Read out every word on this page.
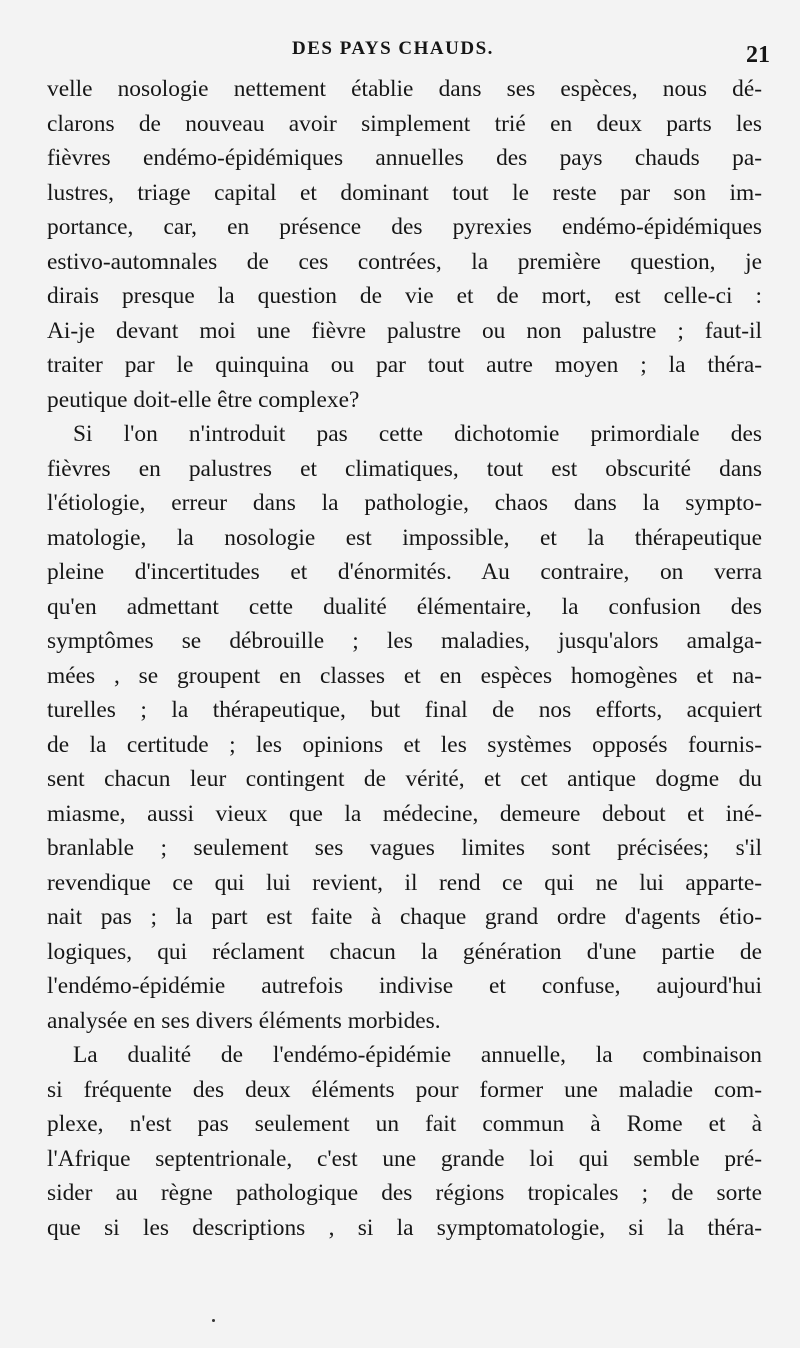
DES PAYS CHAUDS.	21
velle nosologie nettement établie dans ses espèces, nous dé-
clarons de nouveau avoir simplement trié en deux parts les
fièvres endémo-épidémiques annuelles des pays chauds pa-
lustres, triage capital et dominant tout le reste par son im-
portance, car, en présence des pyrexies endémo-épidémiques
estivo-automnales de ces contrées, la première question, je
dirais presque la question de vie et de mort, est celle-ci :
Ai-je devant moi une fièvre palustre ou non palustre ; faut-il
traiter par le quinquina ou par tout autre moyen ; la théra-
peutique doit-elle être complexe?
Si l'on n'introduit pas cette dichotomie primordiale des
fièvres en palustres et climatiques, tout est obscurité dans
l'étiologie, erreur dans la pathologie, chaos dans la sympto-
matologie, la nosologie est impossible, et la thérapeutique
pleine d'incertitudes et d'énormités. Au contraire, on verra
qu'en admettant cette dualité élémentaire, la confusion des
symptômes se débrouille ; les maladies, jusqu'alors amalga-
mées , se groupent en classes et en espèces homogènes et na-
turelles ; la thérapeutique, but final de nos efforts, acquiert
de la certitude ; les opinions et les systèmes opposés fournis-
sent chacun leur contingent de vérité, et cet antique dogme du
miasme, aussi vieux que la médecine, demeure debout et iné-
branlable ; seulement ses vagues limites sont précisées; s'il
revendique ce qui lui revient, il rend ce qui ne lui apparte-
nait pas ; la part est faite à chaque grand ordre d'agents étio-
logiques, qui réclament chacun la génération d'une partie de
l'endémo-épidémie autrefois indivise et confuse, aujourd'hui
analysée en ses divers éléments morbides.
La dualité de l'endémo-épidémie annuelle, la combinaison
si fréquente des deux éléments pour former une maladie com-
plexe, n'est pas seulement un fait commun à Rome et à
l'Afrique septentrionale, c'est une grande loi qui semble pré-
sider au règne pathologique des régions tropicales ; de sorte
que si les descriptions , si la symptomatologie, si la théra-
